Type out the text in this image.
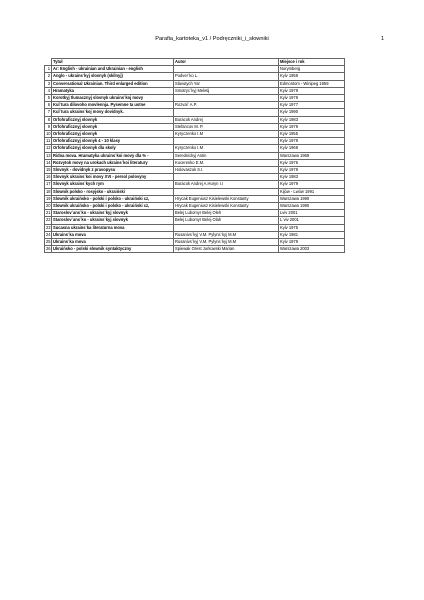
Parafia_kartoteka_v1 / Podręczniki_i_słowniki	1
	Tytuł	Autor	Miejsce i rok
1	Ar: English - ukrainian and Ukrainian - english		Norymberg
2	Anglo - ukrains`kyj slovnyk (skilnyj)	Podver`ko L.	Kyiv 1959
3	Conversational Ukrainian. Third enlarged edition	Slavutych Yar	Edmontom - Winipeg 1959
4	Hramatyka	Smotryc`kyj Meletij	Kyiv 1979
5	Korotkyj tlumacznyj slovnyk ukrains`koj movy		Kyiv 1978
6	Kul`tura dilovoho movlennja. Pysemne ta ustne	Rozval` A.P.	Kyiv 1977
7	Kul`tura ukrains`koj movy dovidnyk.		Kyiv 1990
8	Orfohraficznyj slovnyk	Buracok Andrej	Kyiv 1983
9	Orfohraficznyj slovnyk	Stefancov M. P.	Kyiv 1979
10	Orfohraficznyj slovnyk	Kyryczenko I.M	Kyiv 1955
11	Orfohraficznyj slovnyk 4 - 10 klasy		Kyiv 1978
12	Orfohraficznyj slovnyk dla skoly	Kyryczenko I.M	Kyiv 1968
13	Ridna mova. Hramatyka ukrains`koi movy dla % -	Serednickyj Antin	Warszawa 1969
14	Rozvytok movy na urokach ukrains`koi literatury	Kucerenko E.M.	Kyiv 1976
15	Slovnyk - dovidnyk z pravopysu	Holovaszuk S.I.	Kyiv 1979
16	Slovnyk ukrains`koi movy XVI - persol polovyny		Kyiv 1983
17	Slovnyk ukrains`kych rym	Buracok Andrej A.Huryn I.I	Kyiv 1979
18	Slownik polsko - rosyjsko - ukraiński		Kijów - Lwów 1991
19	Slownik ukraińsko - polski i polsko - ukraiński cz,	Hrycak Eugeniusz Kisielewski Konstanty	Warszawa 1990
20	Slownik ukraińsko - polski i polsko - ukraiński cz,	Hrycak Eugeniusz Kisielewski Konstanty	Warszawa 1990
21	Staroslov`ans`ko - ukrains`kyj slovnyk	Belej Lubomyr Belej Oleh	Lviv 2001
22	Staroslov`ans`ko - ukrains`kyj slovnyk	Belej Lubomyr Belej Olah	L`viv 2001
23	Sucasna ukrains`ka literaturna mova		Kyiv 1975
24	Ukrains`ka mova	Rusanivs`kyj V.M. Pylyns`kyj M.M	Kyiv 1981
25	Ukrains`ka mova	Rusanivs`kyj V.M. Pylyns`kyj M.M	Kyiv 1979
26	Ukraińsko - polski słownik syntaktyczny	Spiewak Orest Jurkowski Marian	Warszawa 2003
